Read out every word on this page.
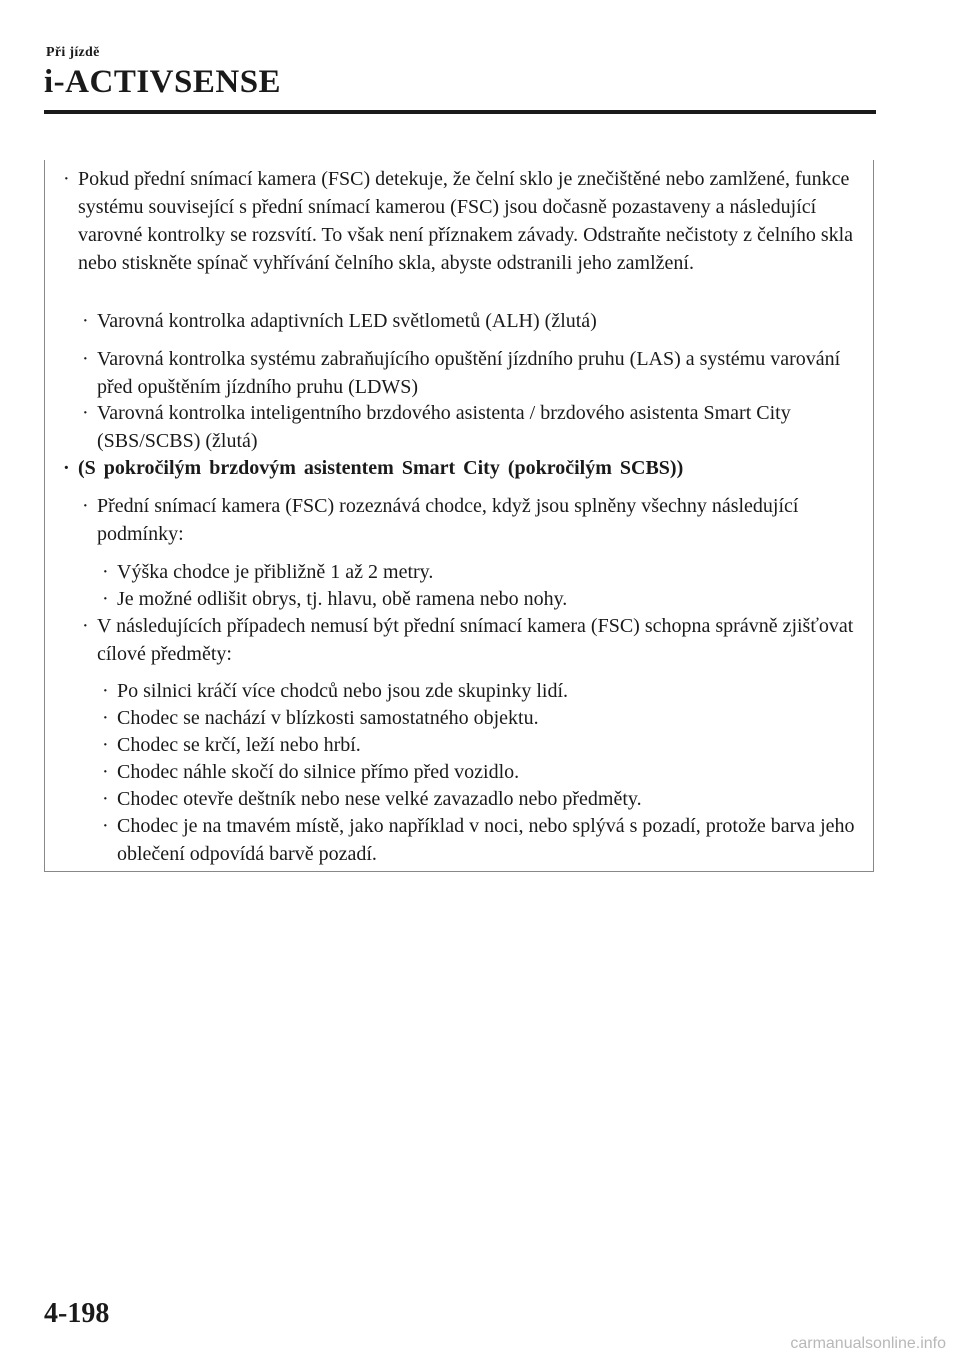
Při jízdě
i-ACTIVSENSE
· Pokud přední snímací kamera (FSC) detekuje, že čelní sklo je znečištěné nebo zamlžené, funkce systému související s přední snímací kamerou (FSC) jsou dočasně pozastaveny a následující varovné kontrolky se rozsvítí. To však není příznakem závady. Odstraňte nečistoty z čelního skla nebo stiskněte spínač vyhřívání čelního skla, abyste odstranili jeho zamlžení.
· Varovná kontrolka adaptivních LED světlometů (ALH) (žlutá)
· Varovná kontrolka systému zabraňujícího opuštění jízdního pruhu (LAS) a systému varování před opuštěním jízdního pruhu (LDWS)
· Varovná kontrolka inteligentního brzdového asistenta / brzdového asistenta Smart City (SBS/SCBS) (žlutá)
· (S pokročilým brzdovým asistentem Smart City (pokročilým SCBS))
· Přední snímací kamera (FSC) rozeznává chodce, když jsou splněny všechny následující podmínky:
· Výška chodce je přibližně 1 až 2 metry.
· Je možné odlišit obrys, tj. hlavu, obě ramena nebo nohy.
· V následujících případech nemusí být přední snímací kamera (FSC) schopna správně zjišťovat cílové předměty:
· Po silnici kráčí více chodců nebo jsou zde skupinky lidí.
· Chodec se nachází v blízkosti samostatného objektu.
· Chodec se krčí, leží nebo hrbí.
· Chodec náhle skočí do silnice přímo před vozidlo.
· Chodec otevře deštník nebo nese velké zavazadlo nebo předměty.
· Chodec je na tmavém místě, jako například v noci, nebo splývá s pozadí, protože barva jeho oblečení odpovídá barvě pozadí.
4-198
carmanualsonline.info
